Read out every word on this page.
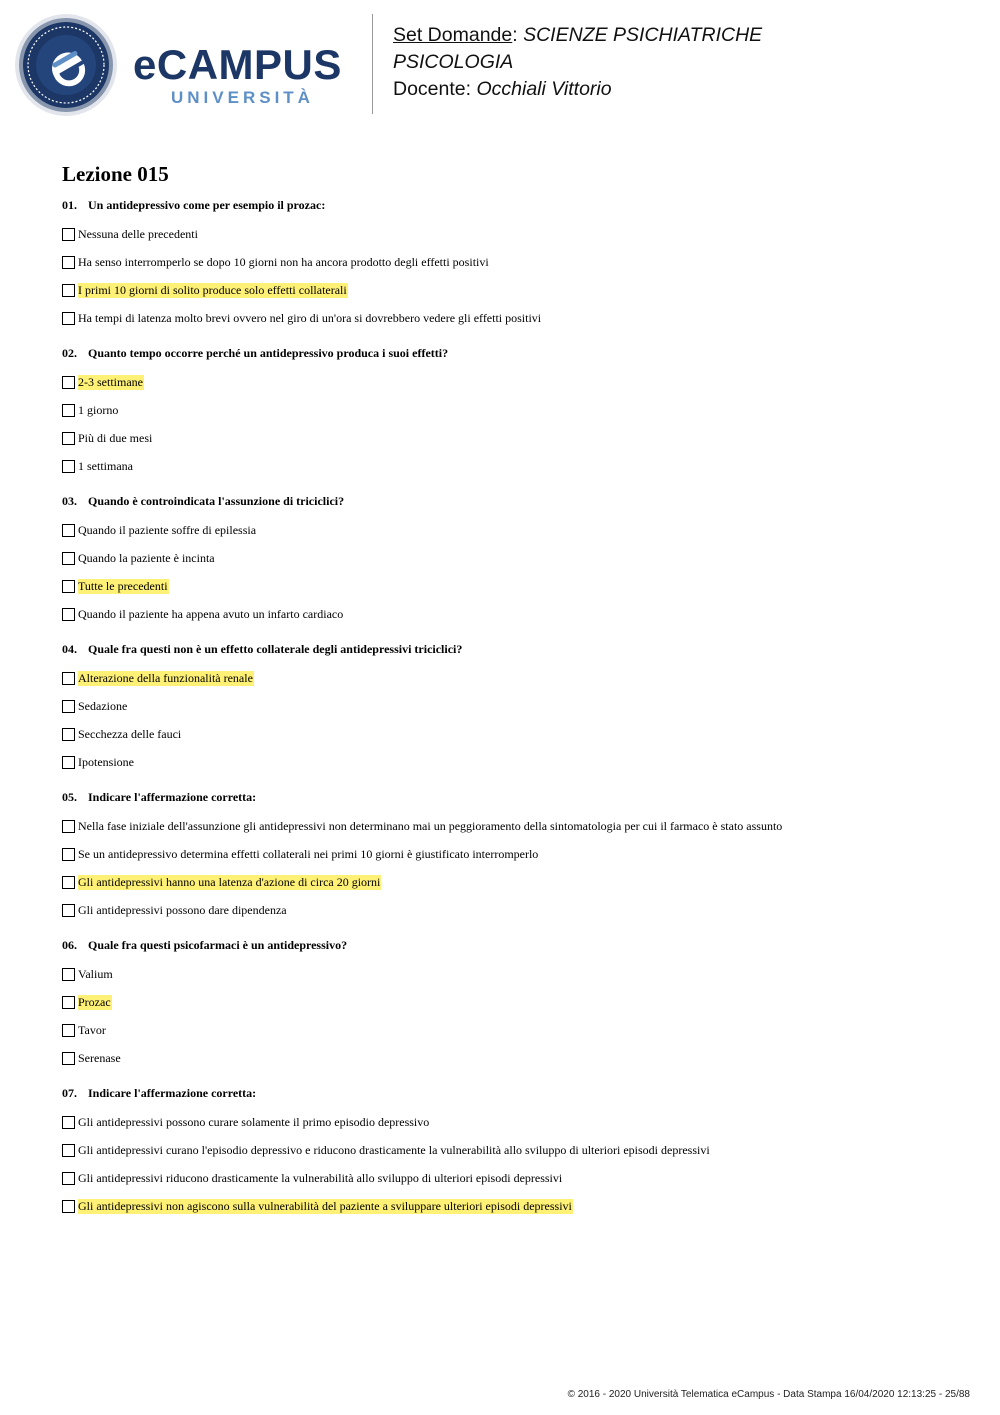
eCAMPUS
UNIVERSITÀ
Set Domande: SCIENZE PSICHIATRICHE
PSICOLOGIA
Docente: Occhiali Vittorio
Lezione 015
01. Un antidepressivo come per esempio il prozac:
Nessuna delle precedenti
Ha senso interromperlo se dopo 10 giorni non ha ancora prodotto degli effetti positivi
I primi 10 giorni di solito produce solo effetti collaterali
Ha tempi di latenza molto brevi ovvero nel giro di un'ora si dovrebbero vedere gli effetti positivi
02. Quanto tempo occorre perché un antidepressivo produca i suoi effetti?
2-3 settimane
1 giorno
Più di due mesi
1 settimana
03. Quando è controindicata l'assunzione di triciclici?
Quando il paziente soffre di epilessia
Quando la paziente è incinta
Tutte le precedenti
Quando il paziente ha appena avuto un infarto cardiaco
04. Quale fra questi non è un effetto collaterale degli antidepressivi triciclici?
Alterazione della funzionalità renale
Sedazione
Secchezza delle fauci
Ipotensione
05. Indicare l'affermazione corretta:
Nella fase iniziale dell'assunzione gli antidepressivi non determinano mai un peggioramento della sintomatologia per cui il farmaco è stato assunto
Se un antidepressivo determina effetti collaterali nei primi 10 giorni è giustificato interromperlo
Gli antidepressivi hanno una latenza d'azione di circa 20 giorni
Gli antidepressivi possono dare dipendenza
06. Quale fra questi psicofarmaci è un antidepressivo?
Valium
Prozac
Tavor
Serenase
07. Indicare l'affermazione corretta:
Gli antidepressivi possono curare solamente il primo episodio depressivo
Gli antidepressivi curano l'episodio depressivo e riducono drasticamente la vulnerabilità allo sviluppo di ulteriori episodi depressivi
Gli antidepressivi riducono drasticamente la vulnerabilità allo sviluppo di ulteriori episodi depressivi
Gli antidepressivi non agiscono sulla vulnerabilità del paziente a sviluppare ulteriori episodi depressivi
© 2016 - 2020 Università Telematica eCampus - Data Stampa 16/04/2020 12:13:25 - 25/88
